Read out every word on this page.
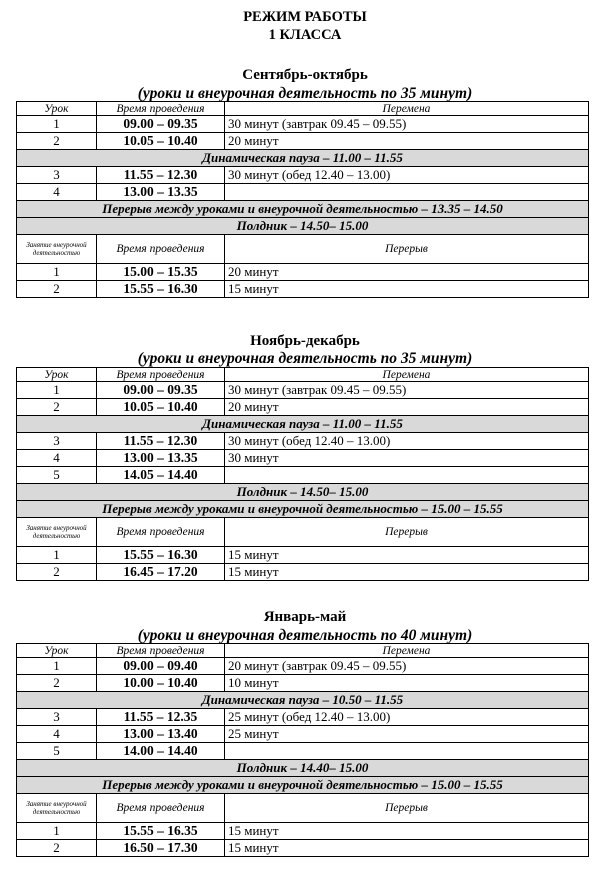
РЕЖИМ РАБОТЫ
1 КЛАССА
Сентябрь-октябрь
(уроки и внеурочная деятельность по 35 минут)
Урок	Время проведения	Перемена
1	09.00 – 09.35	30 минут (завтрак 09.45 – 09.55)
2	10.05 – 10.40	20 минут
Динамическая пауза – 11.00 – 11.55		
3	11.55 – 12.30	30 минут (обед 12.40 – 13.00)
4	13.00 – 13.35	
Перерыв между уроками и внеурочной деятельностью – 13.35 – 14.50		
Полдник – 14.50– 15.00		
Занятие внеурочной деятельностью	Время проведения	Перерыв
1	15.00 – 15.35	20 минут
2	15.55 – 16.30	15 минут
Ноябрь-декабрь
(уроки и внеурочная деятельность по 35 минут)
Урок	Время проведения	Перемена
1	09.00 – 09.35	30 минут (завтрак 09.45 – 09.55)
2	10.05 – 10.40	20 минут
Динамическая пауза – 11.00 – 11.55		
3	11.55 – 12.30	30 минут (обед 12.40 – 13.00)
4	13.00 – 13.35	30 минут
5	14.05 – 14.40	
Полдник – 14.50– 15.00		
Перерыв между уроками и внеурочной деятельностью – 15.00 – 15.55		
Занятие внеурочной деятельностью	Время проведения	Перерыв
1	15.55 – 16.30	15 минут
2	16.45 – 17.20	15 минут
Январь-май
(уроки и внеурочная деятельность по 40 минут)
Урок	Время проведения	Перемена
1	09.00 – 09.40	20 минут (завтрак 09.45 – 09.55)
2	10.00 – 10.40	10 минут
Динамическая пауза – 10.50 – 11.55		
3	11.55 – 12.35	25 минут (обед 12.40 – 13.00)
4	13.00 – 13.40	25 минут
5	14.00 – 14.40	
Полдник – 14.40– 15.00		
Перерыв между уроками и внеурочной деятельностью – 15.00 – 15.55		
Занятие внеурочной деятельностью	Время проведения	Перерыв
1	15.55 – 16.35	15 минут
2	16.50 – 17.30	15 минут
